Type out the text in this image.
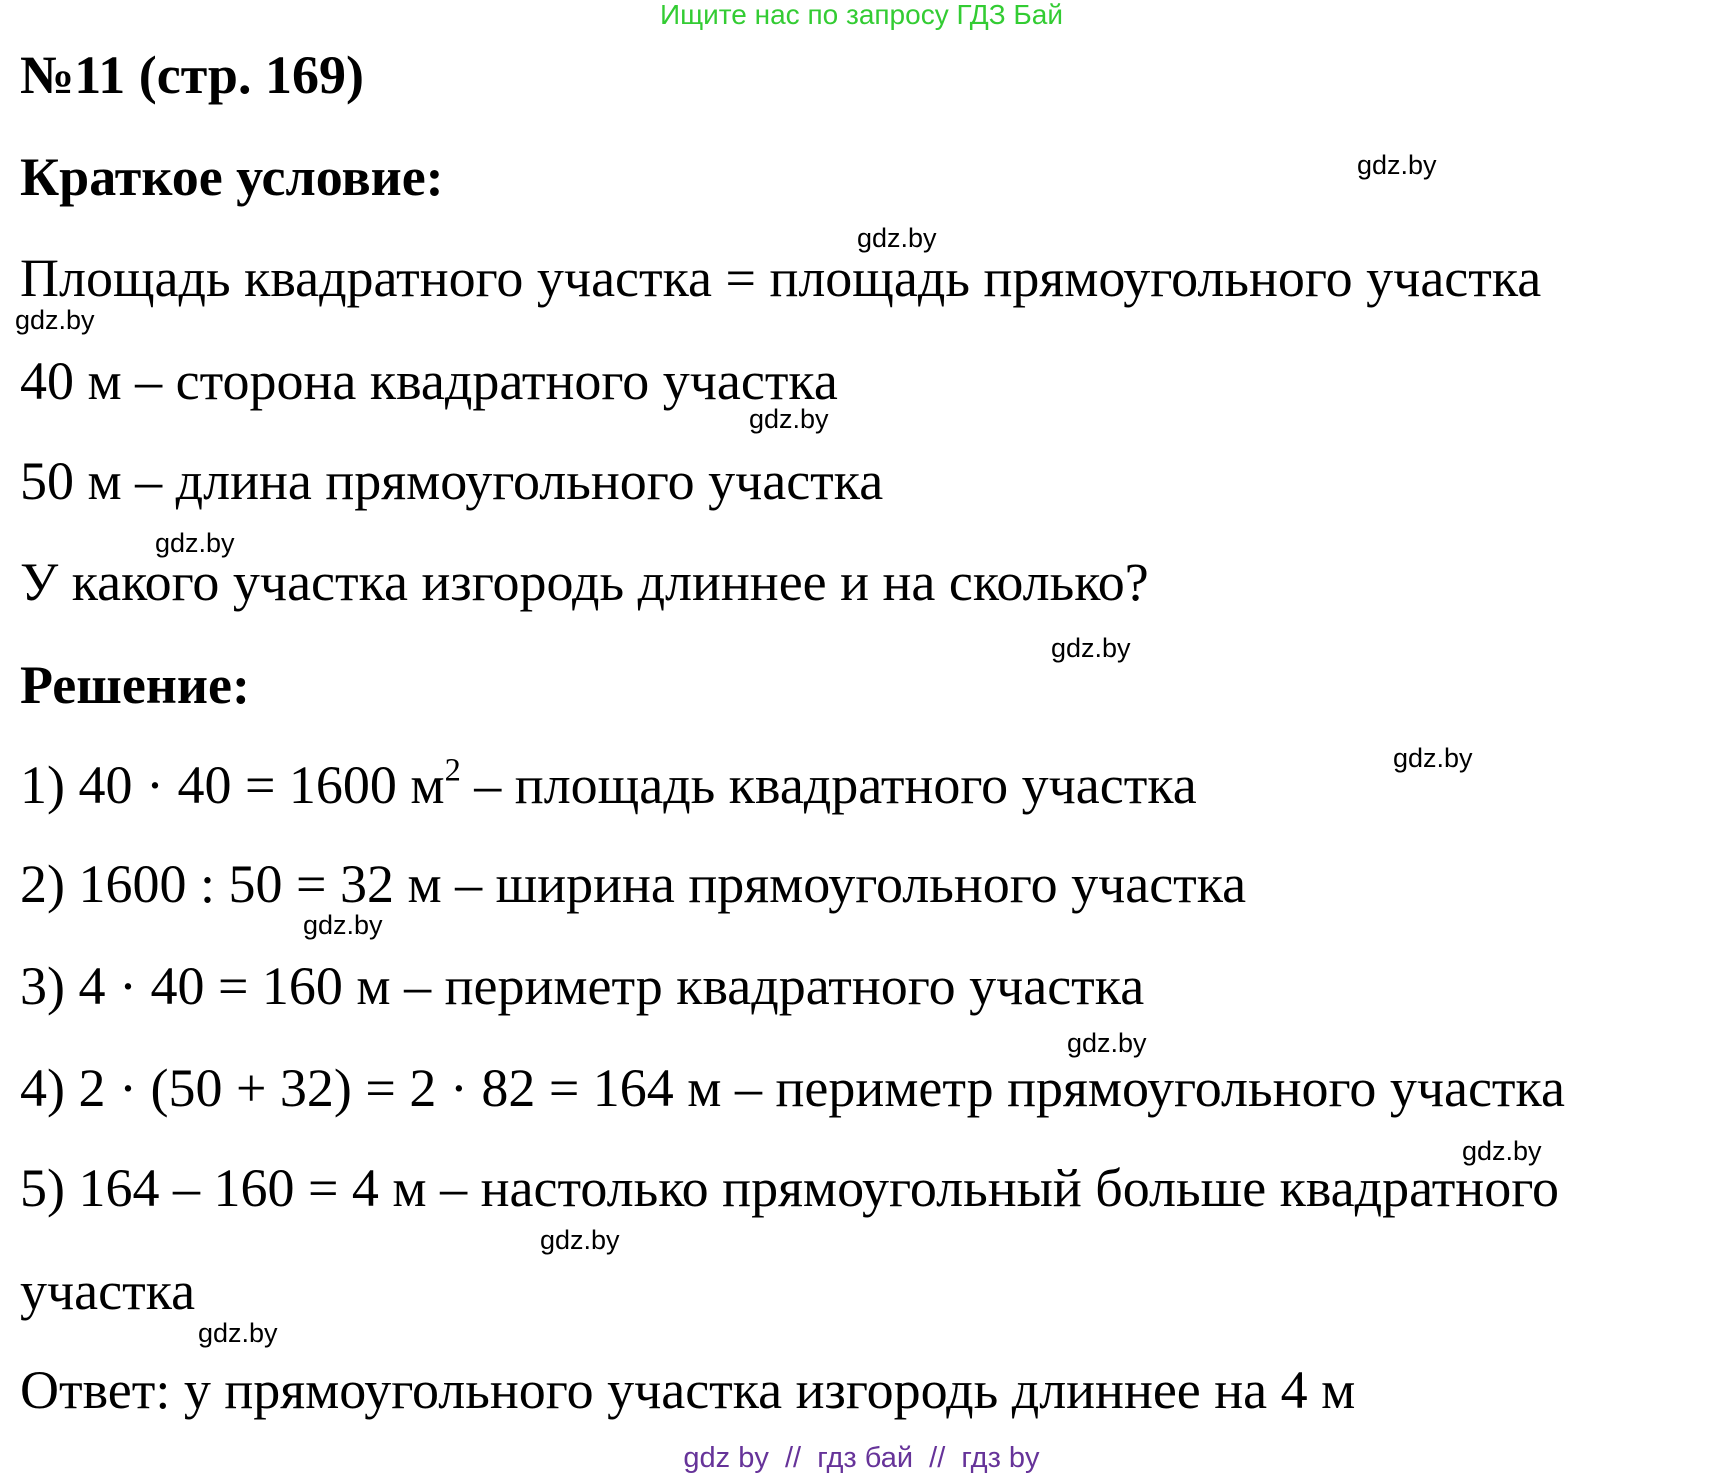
Ищите нас по запросу ГДЗ Бай
№11 (стр. 169)
Краткое условие:
Площадь квадратного участка = площадь прямоугольного участка
40 м – сторона квадратного участка
50 м – длина прямоугольного участка
У какого участка изгородь длиннее и на сколько?
Решение:
1) 40 · 40 = 1600 $м^2$ – площадь квадратного участка
2) 1600 : 50 = 32 м – ширина прямоугольного участка
3) 4 · 40 = 160 м – периметр квадратного участка
4) 2 · (50 + 32) = 2 · 82 = 164 м – периметр прямоугольного участка
5) 164 – 160 = 4 м – настолько прямоугольный больше квадратного
участка
Ответ: у прямоугольного участка изгородь длиннее на 4 м
gdz.by
gdz.by
gdz.by
gdz.by
gdz.by
gdz.by
gdz.by
gdz.by
gdz.by
gdz.by
gdz.by
gdz.by
gdz by  //  гдз бай  //  гдз by
